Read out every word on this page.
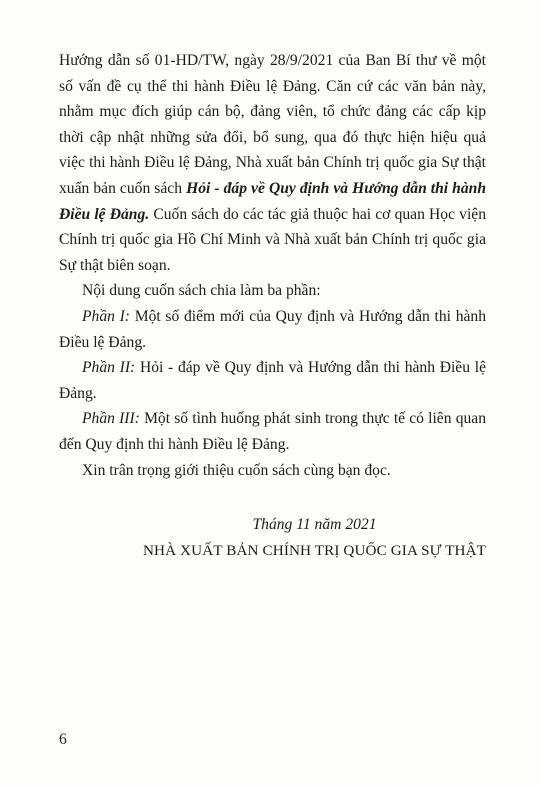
Hướng dẫn số 01-HD/TW, ngày 28/9/2021 của Ban Bí thư về một số vấn đề cụ thể thi hành Điều lệ Đảng. Căn cứ các văn bản này, nhằm mục đích giúp cán bộ, đảng viên, tổ chức đảng các cấp kịp thời cập nhật những sửa đổi, bổ sung, qua đó thực hiện hiệu quả việc thi hành Điều lệ Đảng, Nhà xuất bản Chính trị quốc gia Sự thật xuấn bản cuốn sách Hỏi - đáp về Quy định và Hướng dẫn thi hành Điều lệ Đảng. Cuốn sách do các tác giả thuộc hai cơ quan Học viện Chính trị quốc gia Hồ Chí Minh và Nhà xuất bản Chính trị quốc gia Sự thật biên soạn.

Nội dung cuốn sách chia làm ba phần:

Phần I: Một số điểm mới của Quy định và Hướng dẫn thi hành Điều lệ Đảng.

Phần II: Hỏi - đáp về Quy định và Hướng dẫn thi hành Điều lệ Đảng.

Phần III: Một số tình huống phát sinh trong thực tế có liên quan đến Quy định thi hành Điều lệ Đảng.

Xin trân trọng giới thiệu cuốn sách cùng bạn đọc.

Tháng 11 năm 2021
NHÀ XUẤT BẢN CHÍNH TRỊ QUỐC GIA SỰ THẬT
6
